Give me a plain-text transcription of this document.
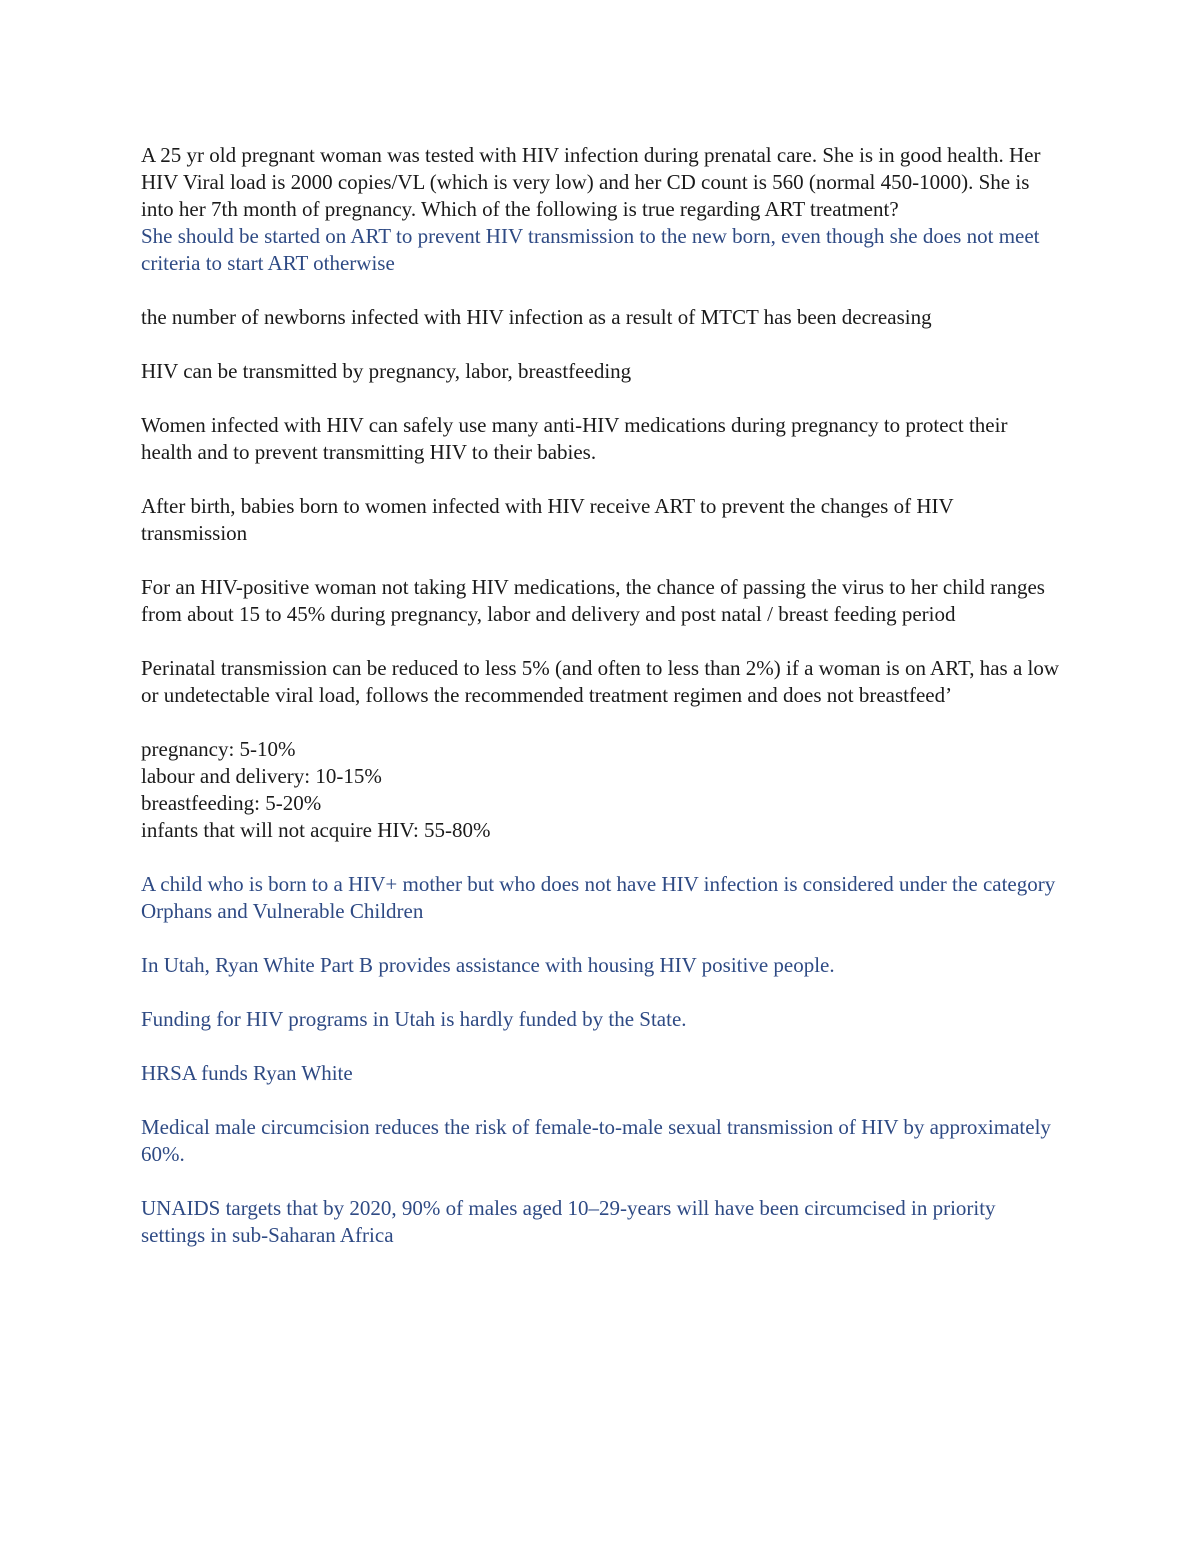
A 25 yr old pregnant woman was tested with HIV infection during prenatal care. She is in good health. Her HIV Viral load is 2000 copies/VL (which is very low) and her CD count is 560 (normal 450-1000). She is into her 7th month of pregnancy. Which of the following is true regarding ART treatment?

She should be started on ART to prevent HIV transmission to the new born, even though she does not meet criteria to start ART otherwise

the number of newborns infected with HIV infection as a result of MTCT has been decreasing

HIV can be transmitted by pregnancy, labor, breastfeeding

Women infected with HIV can safely use many anti-HIV medications during pregnancy to protect their health and to prevent transmitting HIV to their babies.

After birth, babies born to women infected with HIV receive ART to prevent the changes of HIV transmission

For an HIV-positive woman not taking HIV medications, the chance of passing the virus to her child ranges from about 15 to 45% during pregnancy, labor and delivery and post natal / breast feeding period

Perinatal transmission can be reduced to less 5% (and often to less than 2%) if a woman is on ART, has a low or undetectable viral load, follows the recommended treatment regimen and does not breastfeed’

pregnancy: 5-10%

labour and delivery: 10-15%

breastfeeding: 5-20%

infants that will not acquire HIV: 55-80%

A child who is born to a HIV+ mother but who does not have HIV infection is considered under the category Orphans and Vulnerable Children

In Utah, Ryan White Part B provides assistance with housing HIV positive people.

Funding for HIV programs in Utah is hardly funded by the State.

HRSA funds Ryan White

Medical male circumcision reduces the risk of female-to-male sexual transmission of HIV by approximately 60%.

UNAIDS targets that by 2020, 90% of males aged 10–29-years will have been circumcised in priority settings in sub-Saharan Africa
